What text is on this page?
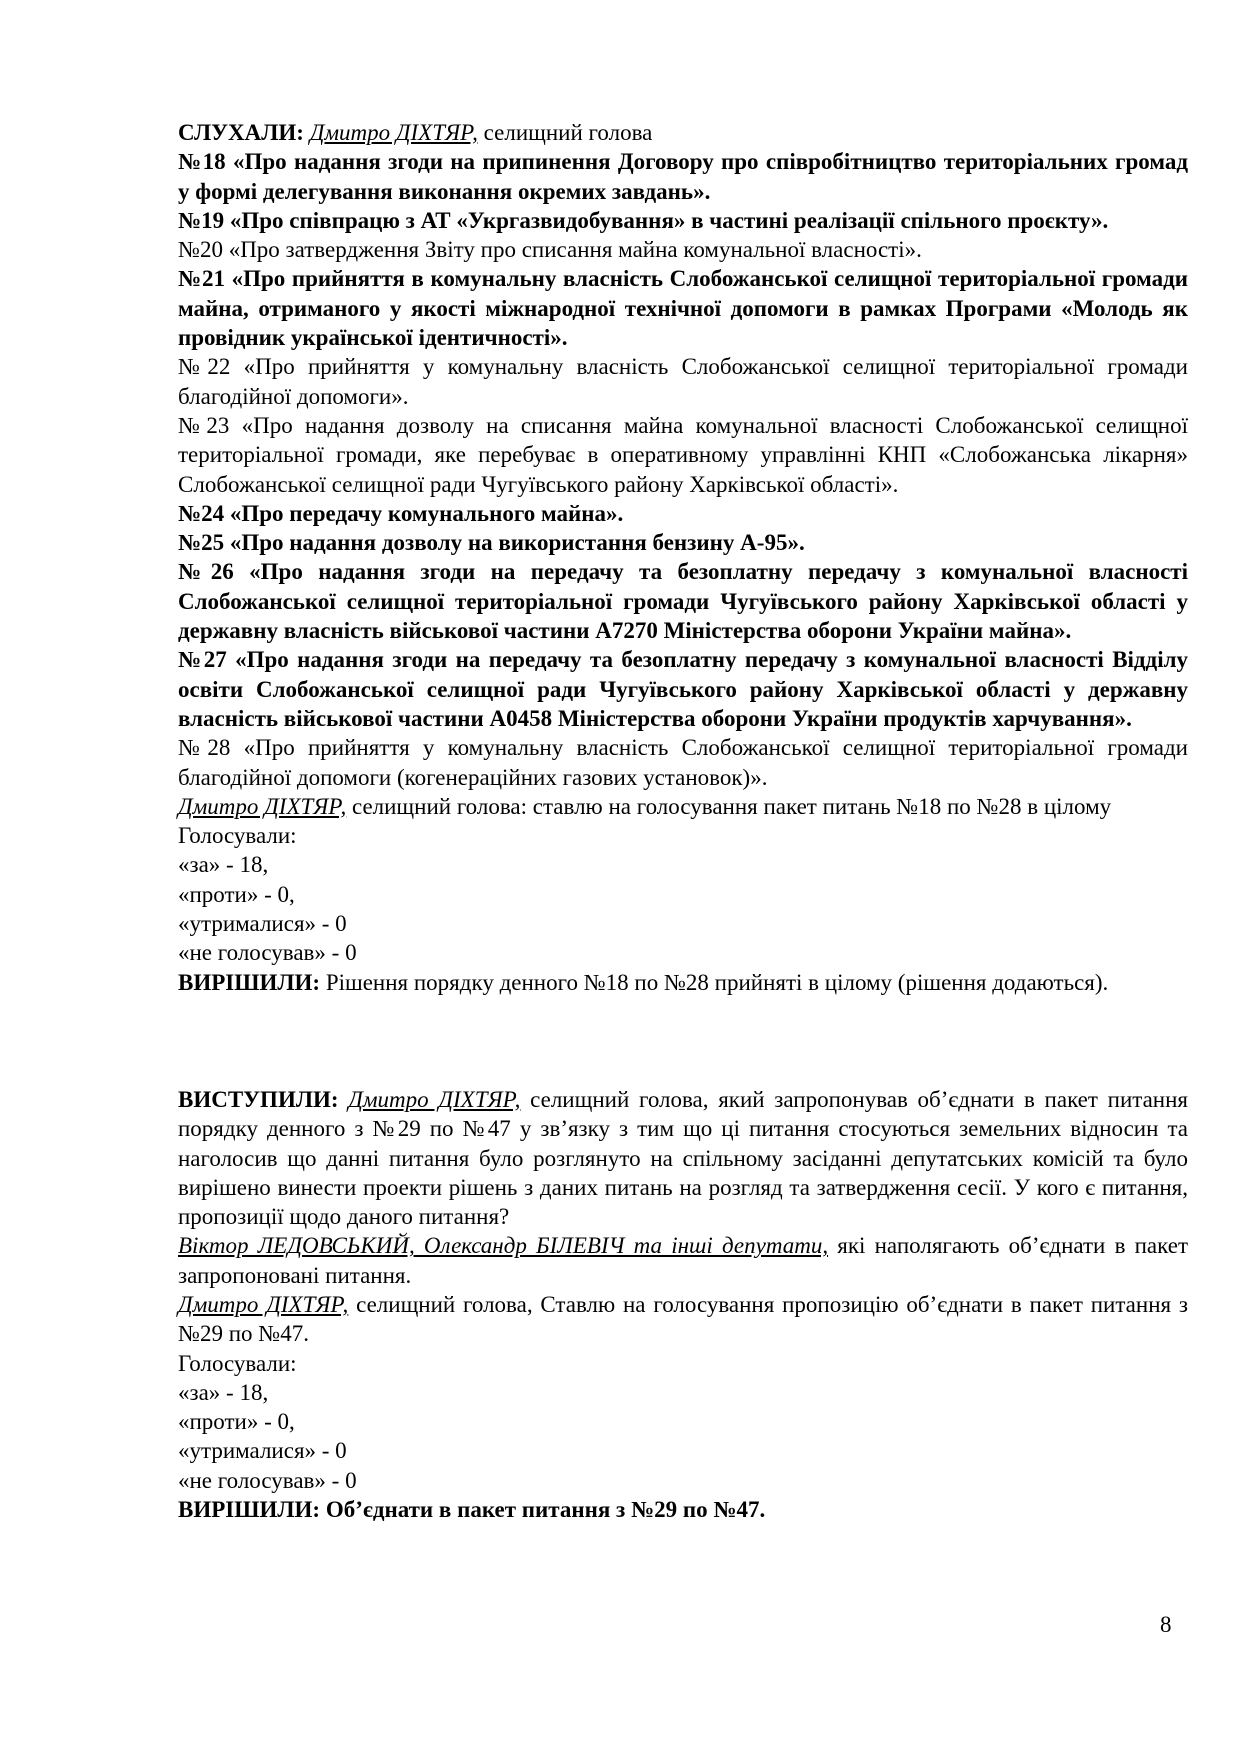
СЛУХАЛИ: Дмитро ДІХТЯР, селищний голова

№18 «Про надання згоди на припинення Договору про співробітництво територіальних громад у формі делегування виконання окремих завдань».

№19 «Про співпрацю з АТ «Укргазвидобування» в частині реалізації спільного проєкту».

№20 «Про затвердження Звіту про списання майна комунальної власності».

№21 «Про прийняття в комунальну власність Слобожанської селищної територіальної громади майна, отриманого у якості міжнародної технічної допомоги в рамках Програми «Молодь як провідник української ідентичності».

№22 «Про прийняття у комунальну власність Слобожанської селищної територіальної громади благодійної допомоги».

№23 «Про надання дозволу на списання майна комунальної власності Слобожанської селищної територіальної громади, яке перебуває в оперативному управлінні КНП «Слобожанська лікарня» Слобожанської селищної ради Чугуївського району Харківської області».

№24 «Про передачу комунального майна».

№25 «Про надання дозволу на використання бензину А-95».

№26 «Про надання згоди на передачу та безоплатну передачу з комунальної власності Слобожанської селищної територіальної громади Чугуївського району Харківської області у державну власність військової частини А7270 Міністерства оборони України майна».

№27 «Про надання згоди на передачу та безоплатну передачу з комунальної власності Відділу освіти Слобожанської селищної ради Чугуївського району Харківської області у державну власність військової частини А0458 Міністерства оборони України продуктів харчування».

№28 «Про прийняття у комунальну власність Слобожанської селищної територіальної громади благодійної допомоги (когенераційних газових установок)».

Дмитро ДІХТЯР, селищний голова: ставлю на голосування пакет питань №18 по №28 в цілому

Голосували:

«за» - 18,

«проти» - 0,

«утрималися» - 0

«не голосував» - 0

ВИРІШИЛИ: Рішення порядку денного №18 по №28 прийняті в цілому (рішення додаються).

ВИСТУПИЛИ: Дмитро ДІХТЯР, селищний голова, який запропонував об’єднати в пакет питання порядку денного з №29 по №47 у зв’язку з тим що ці питання стосуються земельних відносин та наголосив що данні питання було розглянуто на спільному засіданні депутатських комісій та було вирішено винести проекти рішень з даних питань на розгляд та затвердження сесії. У кого є питання, пропозиції щодо даного питання?

Віктор ЛЕДОВСЬКИЙ, Олександр БІЛЕВІЧ та інші депутати, які наполягають об’єднати в пакет запропоновані питання.

Дмитро ДІХТЯР, селищний голова, Ставлю на голосування пропозицію об’єднати в пакет питання з №29 по №47.

Голосували:

«за» - 18,

«проти» - 0,

«утрималися» - 0

«не голосував» - 0

ВИРІШИЛИ: Об’єднати в пакет питання з №29 по №47.

8
